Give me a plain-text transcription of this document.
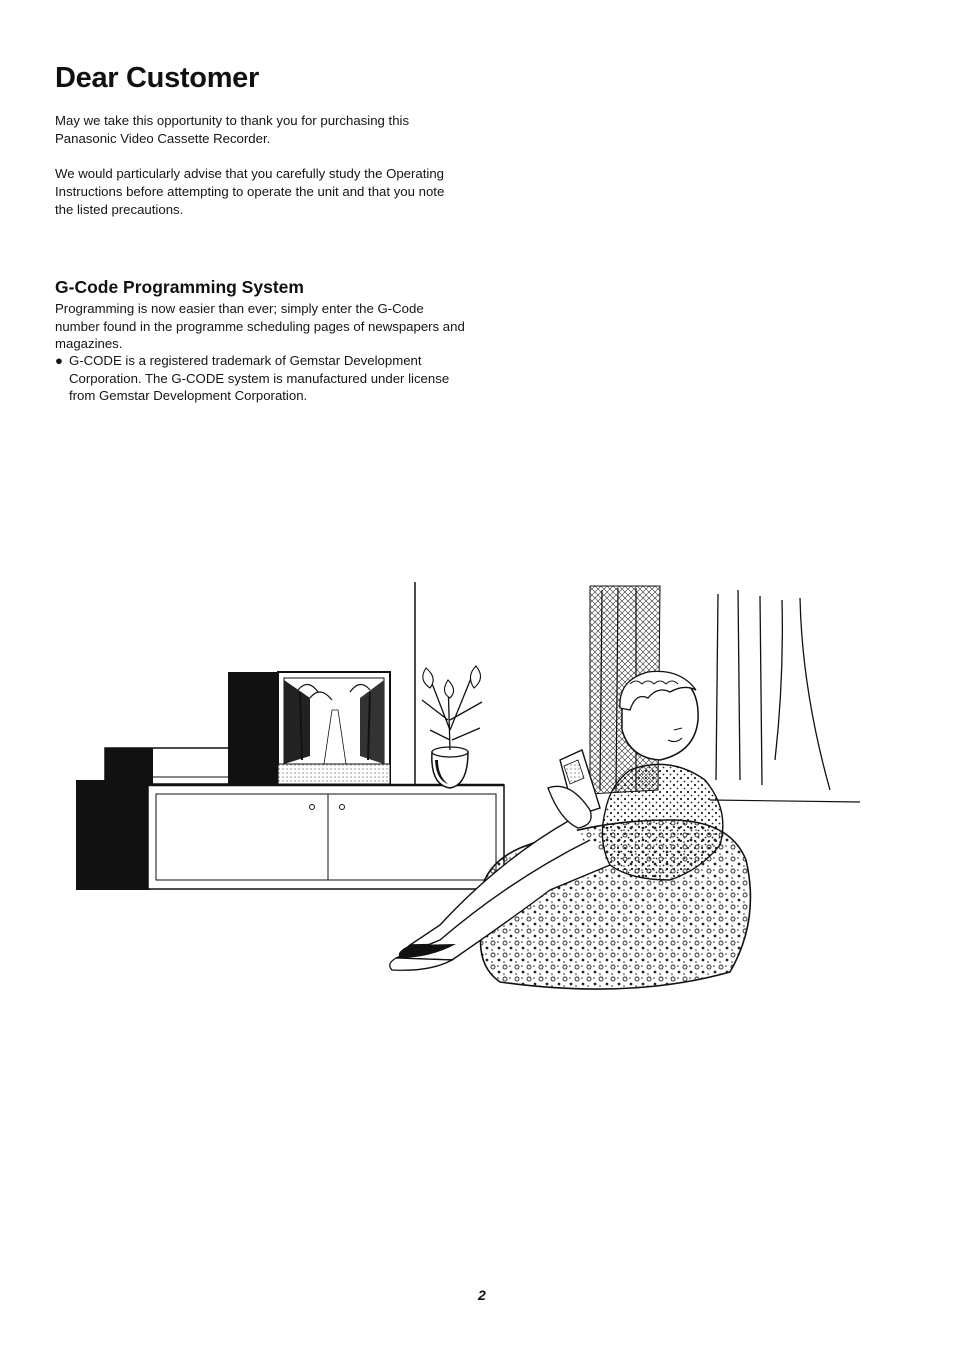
Dear Customer

May we take this opportunity to thank you for purchasing this Panasonic Video Cassette Recorder.

We would particularly advise that you carefully study the Operating Instructions before attempting to operate the unit and that you note the listed precautions.

G-Code Programming System

Programming is now easier than ever; simply enter the G-Code number found in the programme scheduling pages of newspapers and magazines.

● G-CODE is a registered trademark of Gemstar Development Corporation. The G-CODE system is manufactured under license from Gemstar Development Corporation.
2
